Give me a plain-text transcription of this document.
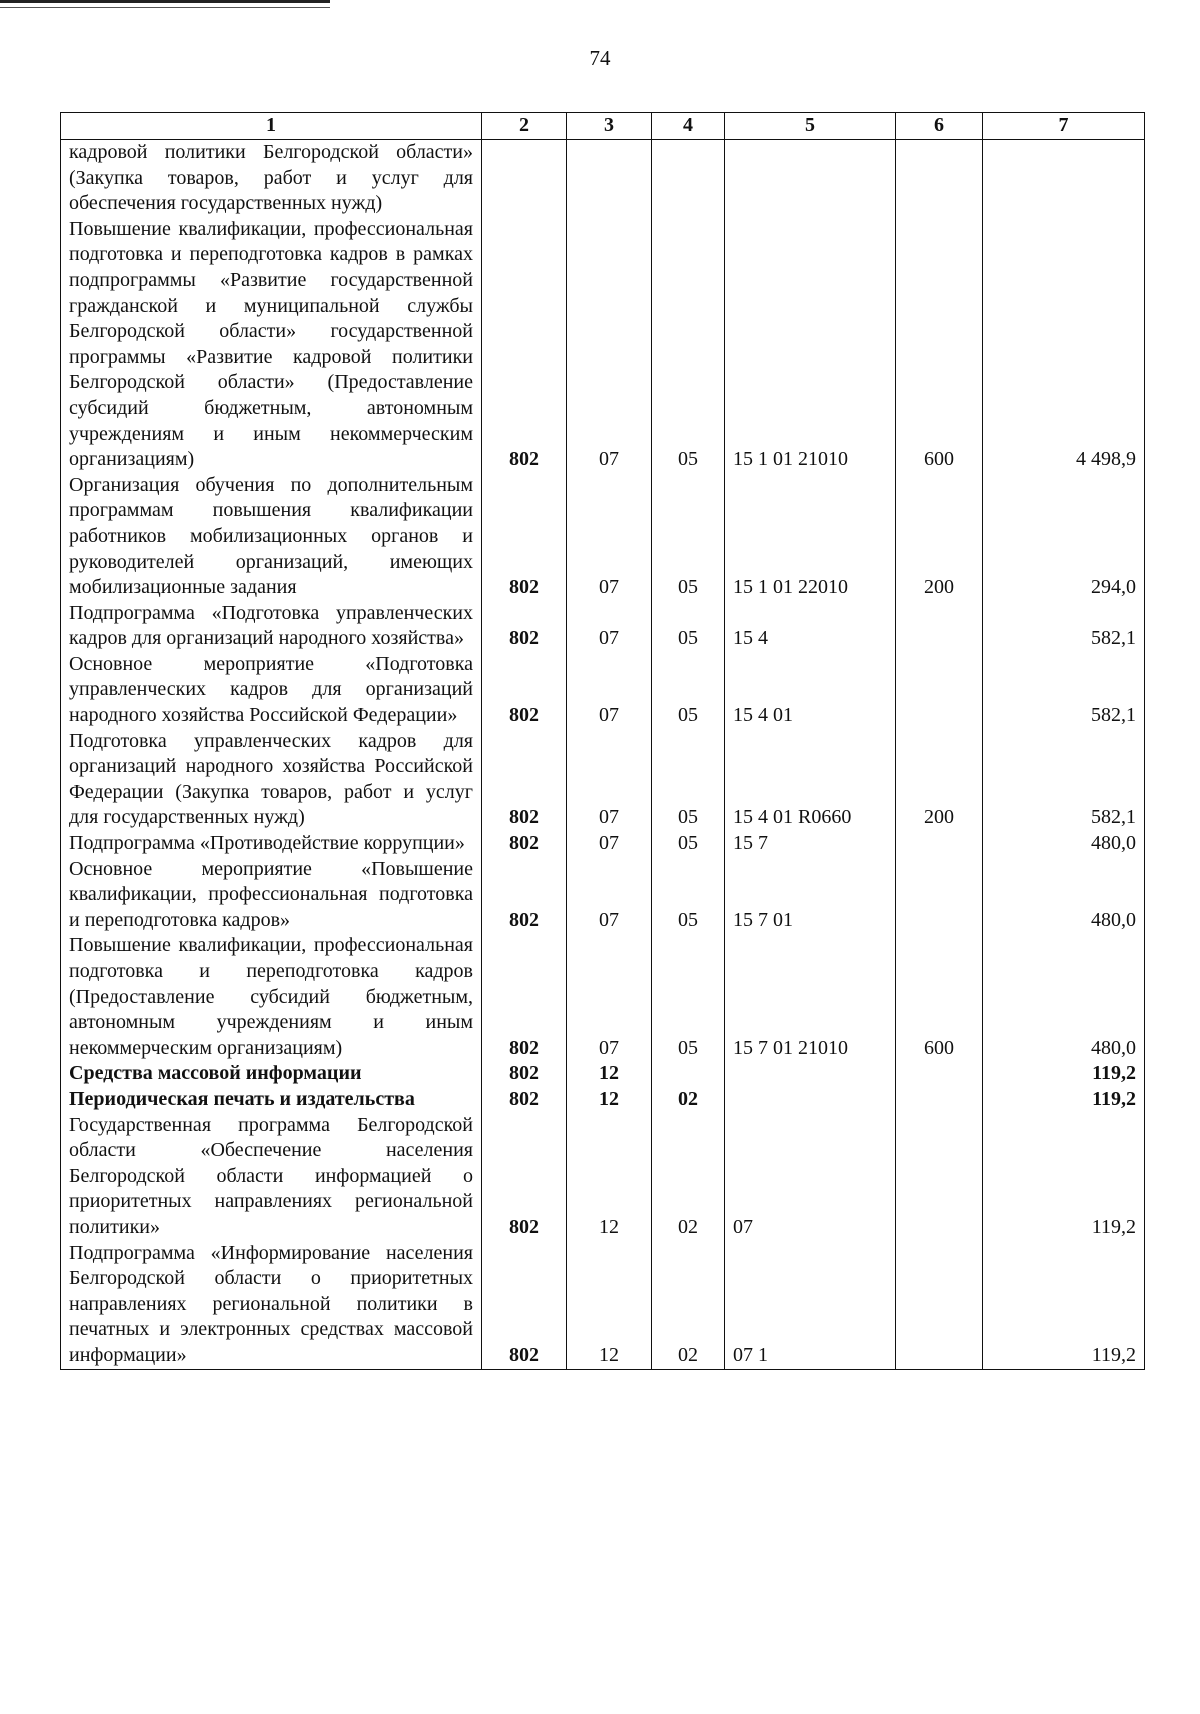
74
1	2	3	4	5	6	7
кадровой политики Белгородской области» (Закупка товаров, работ и услуг для обеспечения государственных нужд)						
Повышение квалификации, профессиональная подготовка и переподготовка кадров в рамках подпрограммы «Развитие государственной гражданской и муниципальной службы Белгородской области» государственной программы «Развитие кадровой политики Белгородской области» (Предоставление субсидий бюджетным, автономным учреждениям и иным некоммерческим организациям)	802	07	05	15 1 01 21010	600	4 498,9
Организация обучения по дополнительным программам повышения квалификации работников мобилизационных органов и руководителей организаций, имеющих мобилизационные задания	802	07	05	15 1 01 22010	200	294,0
Подпрограмма «Подготовка управленческих кадров для организаций народного хозяйства»	802	07	05	15 4		582,1
Основное мероприятие «Подготовка управленческих кадров для организаций народного хозяйства Российской Федерации»	802	07	05	15 4 01		582,1
Подготовка управленческих кадров для организаций народного хозяйства Российской Федерации (Закупка товаров, работ и услуг для государственных нужд)	802	07	05	15 4 01 R0660	200	582,1
Подпрограмма «Противодействие коррупции»	802	07	05	15 7		480,0
Основное мероприятие «Повышение квалификации, профессиональная подготовка и переподготовка кадров»	802	07	05	15 7 01		480,0
Повышение квалификации, профессиональная подготовка и переподготовка кадров (Предоставление субсидий бюджетным, автономным учреждениям и иным некоммерческим организациям)	802	07	05	15 7 01 21010	600	480,0
Средства массовой информации	802	12				119,2
Периодическая печать и издательства	802	12	02			119,2
Государственная программа Белгородской области «Обеспечение населения Белгородской области информацией о приоритетных направлениях региональной политики»	802	12	02	07		119,2
Подпрограмма «Информирование населения Белгородской области о приоритетных направлениях региональной политики в печатных и электронных средствах массовой информации»	802	12	02	07 1		119,2
